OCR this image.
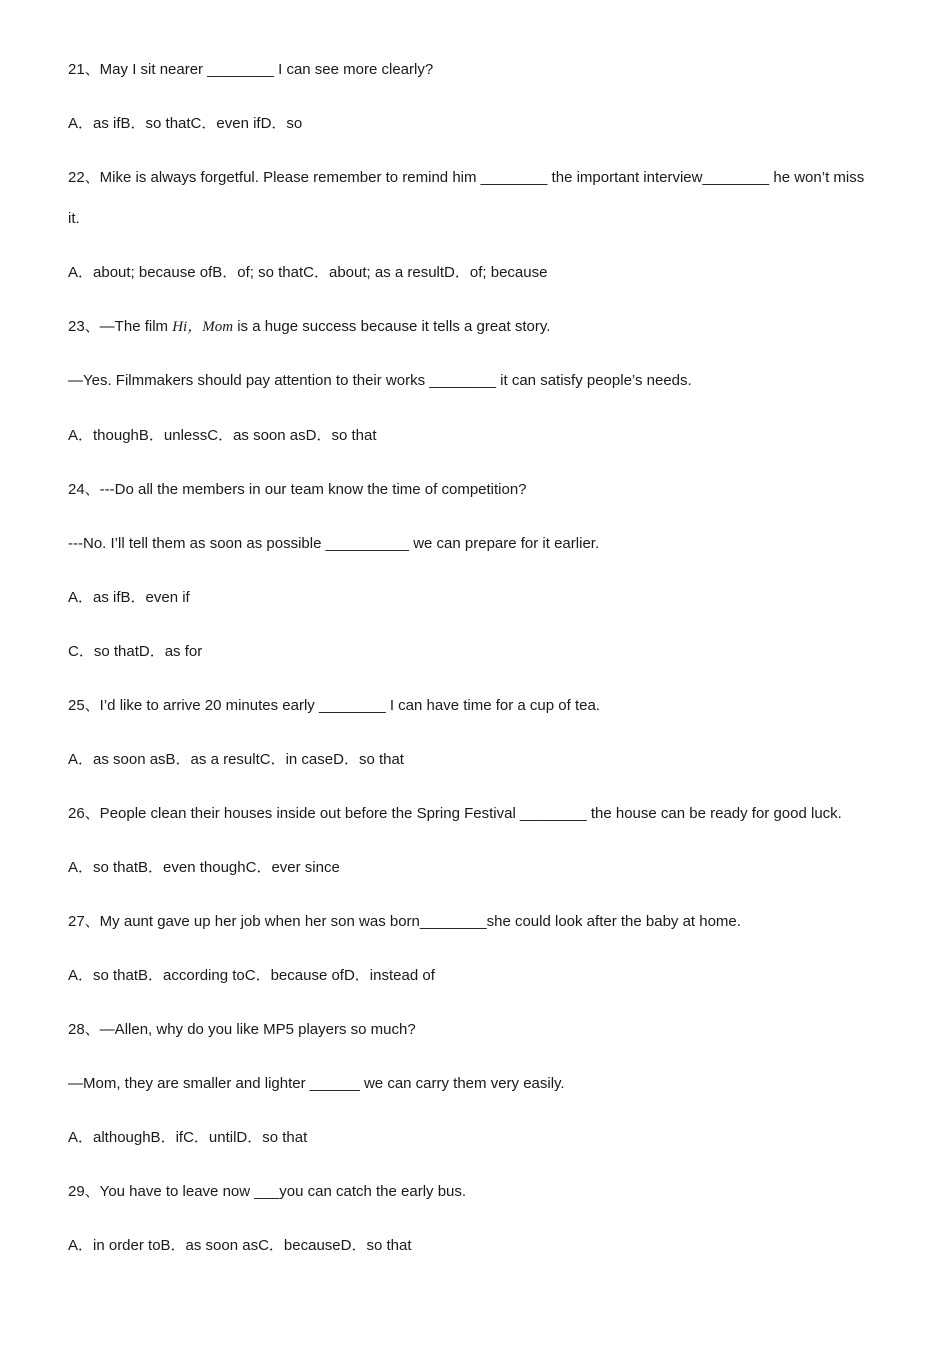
21、May I sit nearer ________ I can see more clearly?
A．as ifB．so thatC．even ifD．so
22、Mike is always forgetful. Please remember to remind him ________ the important interview________ he won’t miss it.
A．about; because ofB．of; so thatC．about; as a resultD．of; because
23、—The film Hi，Mom is a huge success because it tells a great story.
—Yes. Filmmakers should pay attention to their works ________ it can satisfy people’s needs.
A．thoughB．unlessC．as soon asD．so that
24、---Do all the members in our team know the time of competition?
---No. I’ll tell them as soon as possible __________ we can prepare for it earlier.
A．as ifB．even if
C．so thatD．as for
25、I’d like to arrive 20 minutes early ________ I can have time for a cup of tea.
A．as soon asB．as a resultC．in caseD．so that
26、People clean their houses inside out before the Spring Festival ________ the house can be ready for good luck.
A．so thatB．even thoughC．ever since
27、My aunt gave up her job when her son was born________she could look after the baby at home.
A．so thatB．according toC．because ofD．instead of
28、—Allen, why do you like MP5 players so much?
—Mom, they are smaller and lighter ______ we can carry them very easily.
A．althoughB．ifC．untilD．so that
29、You have to leave now ___you can catch the early bus.
A．in order toB．as soon asC．becauseD．so that
